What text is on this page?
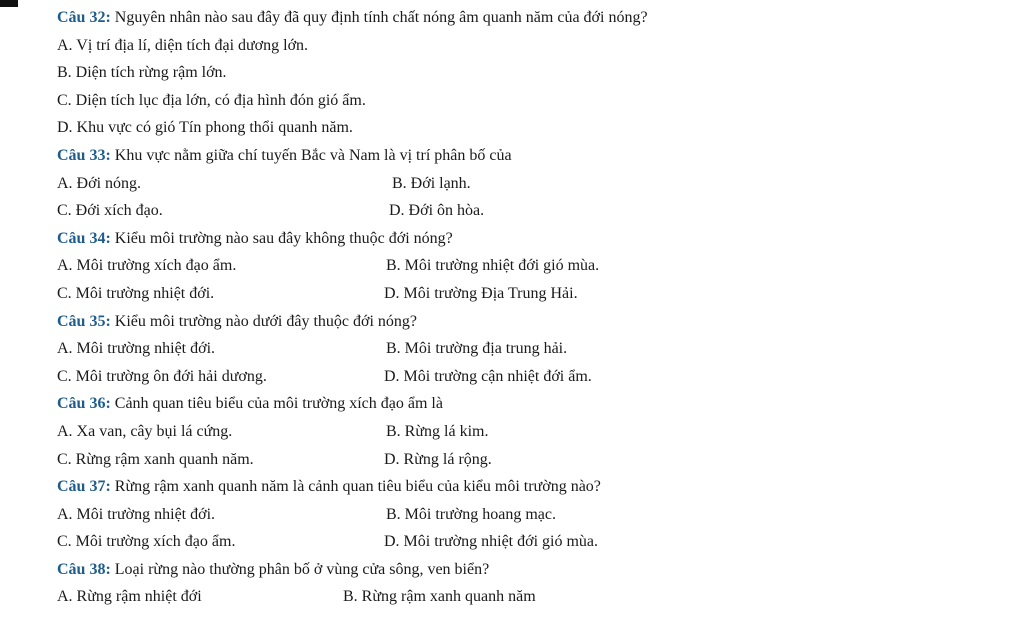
Câu 32: Nguyên nhân nào sau đây đã quy định tính chất nóng âm quanh năm của đới nóng?
A. Vị trí địa lí, diện tích đại dương lớn.
B. Diện tích rừng rậm lớn.
C. Diện tích lục địa lớn, có địa hình đón gió ẩm.
D. Khu vực có gió Tín phong thổi quanh năm.
Câu 33: Khu vực nằm giữa chí tuyến Bắc và Nam là vị trí phân bố của
A. Đới nóng.	B. Đới lạnh.
C. Đới xích đạo.	D. Đới ôn hòa.
Câu 34: Kiểu môi trường nào sau đây không thuộc đới nóng?
A. Môi trường xích đạo ẩm.	B. Môi trường nhiệt đới gió mùa.
C. Môi trường nhiệt đới.	D. Môi trường Địa Trung Hải.
Câu 35: Kiểu môi trường nào dưới đây thuộc đới nóng?
A. Môi trường nhiệt đới.	B. Môi trường địa trung hải.
C. Môi trường ôn đới hải dương.	D. Môi trường cận nhiệt đới ẩm.
Câu 36: Cảnh quan tiêu biểu của môi trường xích đạo ẩm là
A. Xa van, cây bụi lá cứng.	B. Rừng lá kim.
C. Rừng rậm xanh quanh năm.	D. Rừng lá rộng.
Câu 37: Rừng rậm xanh quanh năm là cảnh quan tiêu biểu của kiểu môi trường nào?
A. Môi trường nhiệt đới.	B. Môi trường hoang mạc.
C. Môi trường xích đạo ẩm.	D. Môi trường nhiệt đới gió mùa.
Câu 38: Loại rừng nào thường phân bố ở vùng cửa sông, ven biển?
A. Rừng rậm nhiệt đới	B. Rừng rậm xanh quanh năm
